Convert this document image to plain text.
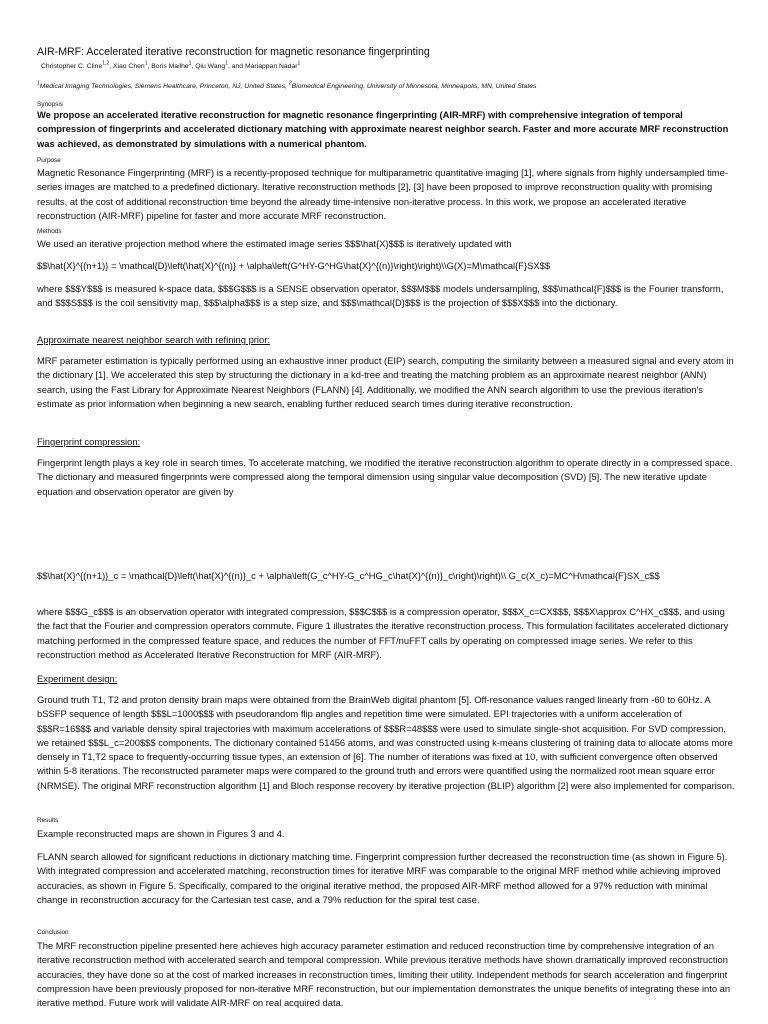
AIR-MRF: Accelerated iterative reconstruction for magnetic resonance fingerprinting
Christopher C. Cline$^{1,2}$, Xiao Chen$^1$, Boris Mailhe$^1$, Qiu Wang$^1$, and Mariappan Nadar$^1$
$^1$Medical Imaging Technologies, Siemens Healthcare, Princeton, NJ, United States, $^2$Biomedical Engineering, University of Minnesota, Minneapolis, MN, United States
Synopsis

We propose an accelerated iterative reconstruction for magnetic resonance fingerprinting (AIR-MRF) with comprehensive integration of temporal compression of fingerprints and accelerated dictionary matching with approximate nearest neighbor search. Faster and more accurate MRF reconstruction was achieved, as demonstrated by simulations with a numerical phantom.

Purpose

Magnetic Resonance Fingerprinting (MRF) is a recently-proposed technique for multiparametric quantitative imaging [1], where signals from highly undersampled time-series images are matched to a predefined dictionary. Iterative reconstruction methods [2], [3] have been proposed to improve reconstruction quality with promising results, at the cost of additional reconstruction time beyond the already time-intensive non-iterative process. In this work, we propose an accelerated iterative reconstruction (AIR-MRF) pipeline for faster and more accurate MRF reconstruction.

Methods

We used an iterative projection method where the estimated image series $$$\hat{X}$$$ is iteratively updated with

$$\hat{X}^{(n+1)} = \mathcal{D}\left(\hat{X}^{(n)} + \alpha\left(G^HY-G^HG\hat{X}^{(n)}\right)\right)\\G(X)=M\mathcal{F}SX$$

where $$$Y$$$ is measured k-space data, $$$G$$$ is a SENSE observation operator, $$$M$$$ models undersampling, $$$\mathcal{F}$$$ is the Fourier transform, and $$$S$$$ is the coil sensitivity map, $$$\alpha$$$ is a step size, and $$$\mathcal{D}$$$ is the projection of $$$X$$$ into the dictionary.

Approximate nearest neighbor search with refining prior:

MRF parameter estimation is typically performed using an exhaustive inner product (EIP) search, computing the similarity between a measured signal and every atom in the dictionary [1]. We accelerated this step by structuring the dictionary in a kd-tree and treating the matching problem as an approximate nearest neighbor (ANN) search, using the Fast Library for Approximate Nearest Neighbors (FLANN) [4]. Additionally, we modified the ANN search algorithm to use the previous iteration's estimate as prior information when beginning a new search, enabling further reduced search times during iterative reconstruction.

Fingerprint compression:

Fingerprint length plays a key role in search times. To accelerate matching, we modified the iterative reconstruction algorithm to operate directly in a compressed space. The dictionary and measured fingerprints were compressed along the temporal dimension using singular value decomposition (SVD) [5]. The new iterative update equation and observation operator are given by

$$\hat{X}^{(n+1)}_c = \mathcal{D}\left(\hat{X}^{(n)}_c + \alpha\left(G_c^HY-G_c^HG_c\hat{X}^{(n)}_c\right)\right)\\ G_c(X_c)=MC^H\mathcal{F}SX_c$$

where $$$G_c$$$ is an observation operator with integrated compression, $$$C$$$ is a compression operator, $$$X_c=CX$$$, $$$X\approx C^HX_c$$$, and using the fact that the Fourier and compression operators commute. Figure 1 illustrates the iterative reconstruction process. This formulation facilitates accelerated dictionary matching performed in the compressed feature space, and reduces the number of FFT/nuFFT calls by operating on compressed image series. We refer to this reconstruction method as Accelerated Iterative Reconstruction for MRF (AIR-MRF).

Experiment design:

Ground truth T1, T2 and proton density brain maps were obtained from the BrainWeb digital phantom [5]. Off-resonance values ranged linearly from -60 to 60Hz. A bSSFP sequence of length $$$L=1000$$$ with pseudorandom flip angles and repetition time were simulated. EPI trajectories with a uniform acceleration of $$$R=16$$$ and variable density spiral trajectories with maximum accelerations of $$$R=48$$$ were used to simulate single-shot acquisition. For SVD compression, we retained $$$L_c=200$$$ components. The dictionary contained 51456 atoms, and was constructed using k-means clustering of training data to allocate atoms more densely in T1,T2 space to frequently-occurring tissue types, an extension of [6]. The number of iterations was fixed at 10, with sufficient convergence often observed within 5-8 iterations. The reconstructed parameter maps were compared to the ground truth and errors were quantified using the normalized root mean square error (NRMSE). The original MRF reconstruction algorithm [1] and Bloch response recovery by iterative projection (BLIP) algorithm [2] were also implemented for comparison.

Results

Example reconstructed maps are shown in Figures 3 and 4.

FLANN search allowed for significant reductions in dictionary matching time. Fingerprint compression further decreased the reconstruction time (as shown in Figure 5). With integrated compression and accelerated matching, reconstruction times for iterative MRF was comparable to the original MRF method while achieving improved accuracies, as shown in Figure 5. Specifically, compared to the original iterative method, the proposed AIR-MRF method allowed for a 97% reduction with minimal change in reconstruction accuracy for the Cartesian test case, and a 79% reduction for the spiral test case.

Conclusion

The MRF reconstruction pipeline presented here achieves high accuracy parameter estimation and reduced reconstruction time by comprehensive integration of an iterative reconstruction method with accelerated search and temporal compression. While previous iterative methods have shown dramatically improved reconstruction accuracies, they have done so at the cost of marked increases in reconstruction times, limiting their utility. Independent methods for search acceleration and fingerprint compression have been previously proposed for non-iterative MRF reconstruction, but our implementation demonstrates the unique benefits of integrating these into an iterative method. Future work will validate AIR-MRF on real acquired data.
